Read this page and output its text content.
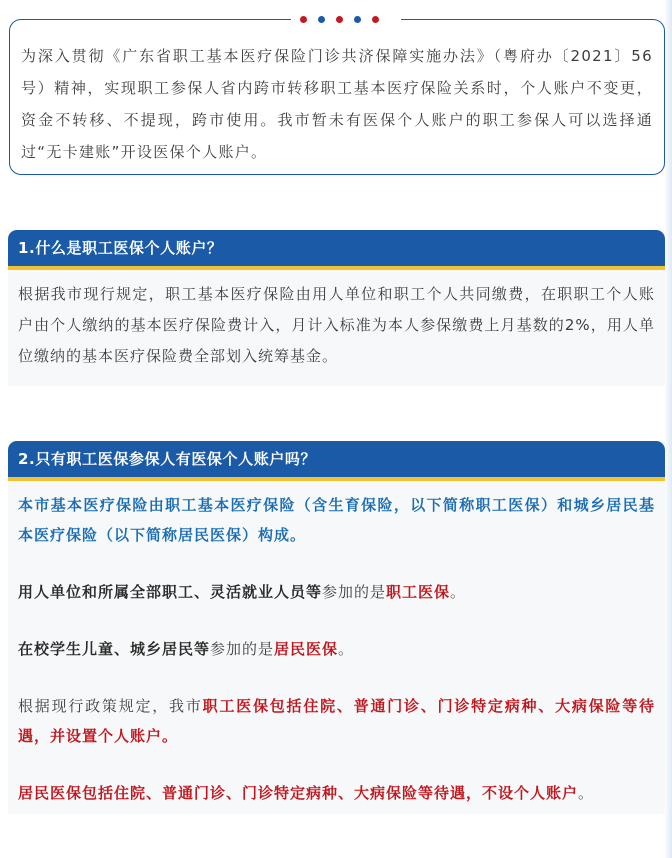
为深入贯彻《广东省职工基本医疗保险门诊共济保障实施办法》（粤府办〔2021〕56号）精神，实现职工参保人省内跨市转移职工基本医疗保险关系时，个人账户不变更，资金不转移、不提现，跨市使用。我市暂未有医保个人账户的职工参保人可以选择通过“无卡建账”开设医保个人账户。

1.什么是职工医保个人账户？

根据我市现行规定，职工基本医疗保险由用人单位和职工个人共同缴费，在职职工个人账户由个人缴纳的基本医疗保险费计入，月计入标准为本人参保缴费上月基数的2%，用人单位缴纳的基本医疗保险费全部划入统筹基金。

2.只有职工医保参保人有医保个人账户吗？

本市基本医疗保险由职工基本医疗保险（含生育保险，以下简称职工医保）和城乡居民基本医疗保险（以下简称居民医保）构成。

用人单位和所属全部职工、灵活就业人员等参加的是职工医保。

在校学生儿童、城乡居民等参加的是居民医保。

根据现行政策规定，我市职工医保包括住院、普通门诊、门诊特定病种、大病保险等待遇，并设置个人账户。

居民医保包括住院、普通门诊、门诊特定病种、大病保险等待遇，不设个人账户。
